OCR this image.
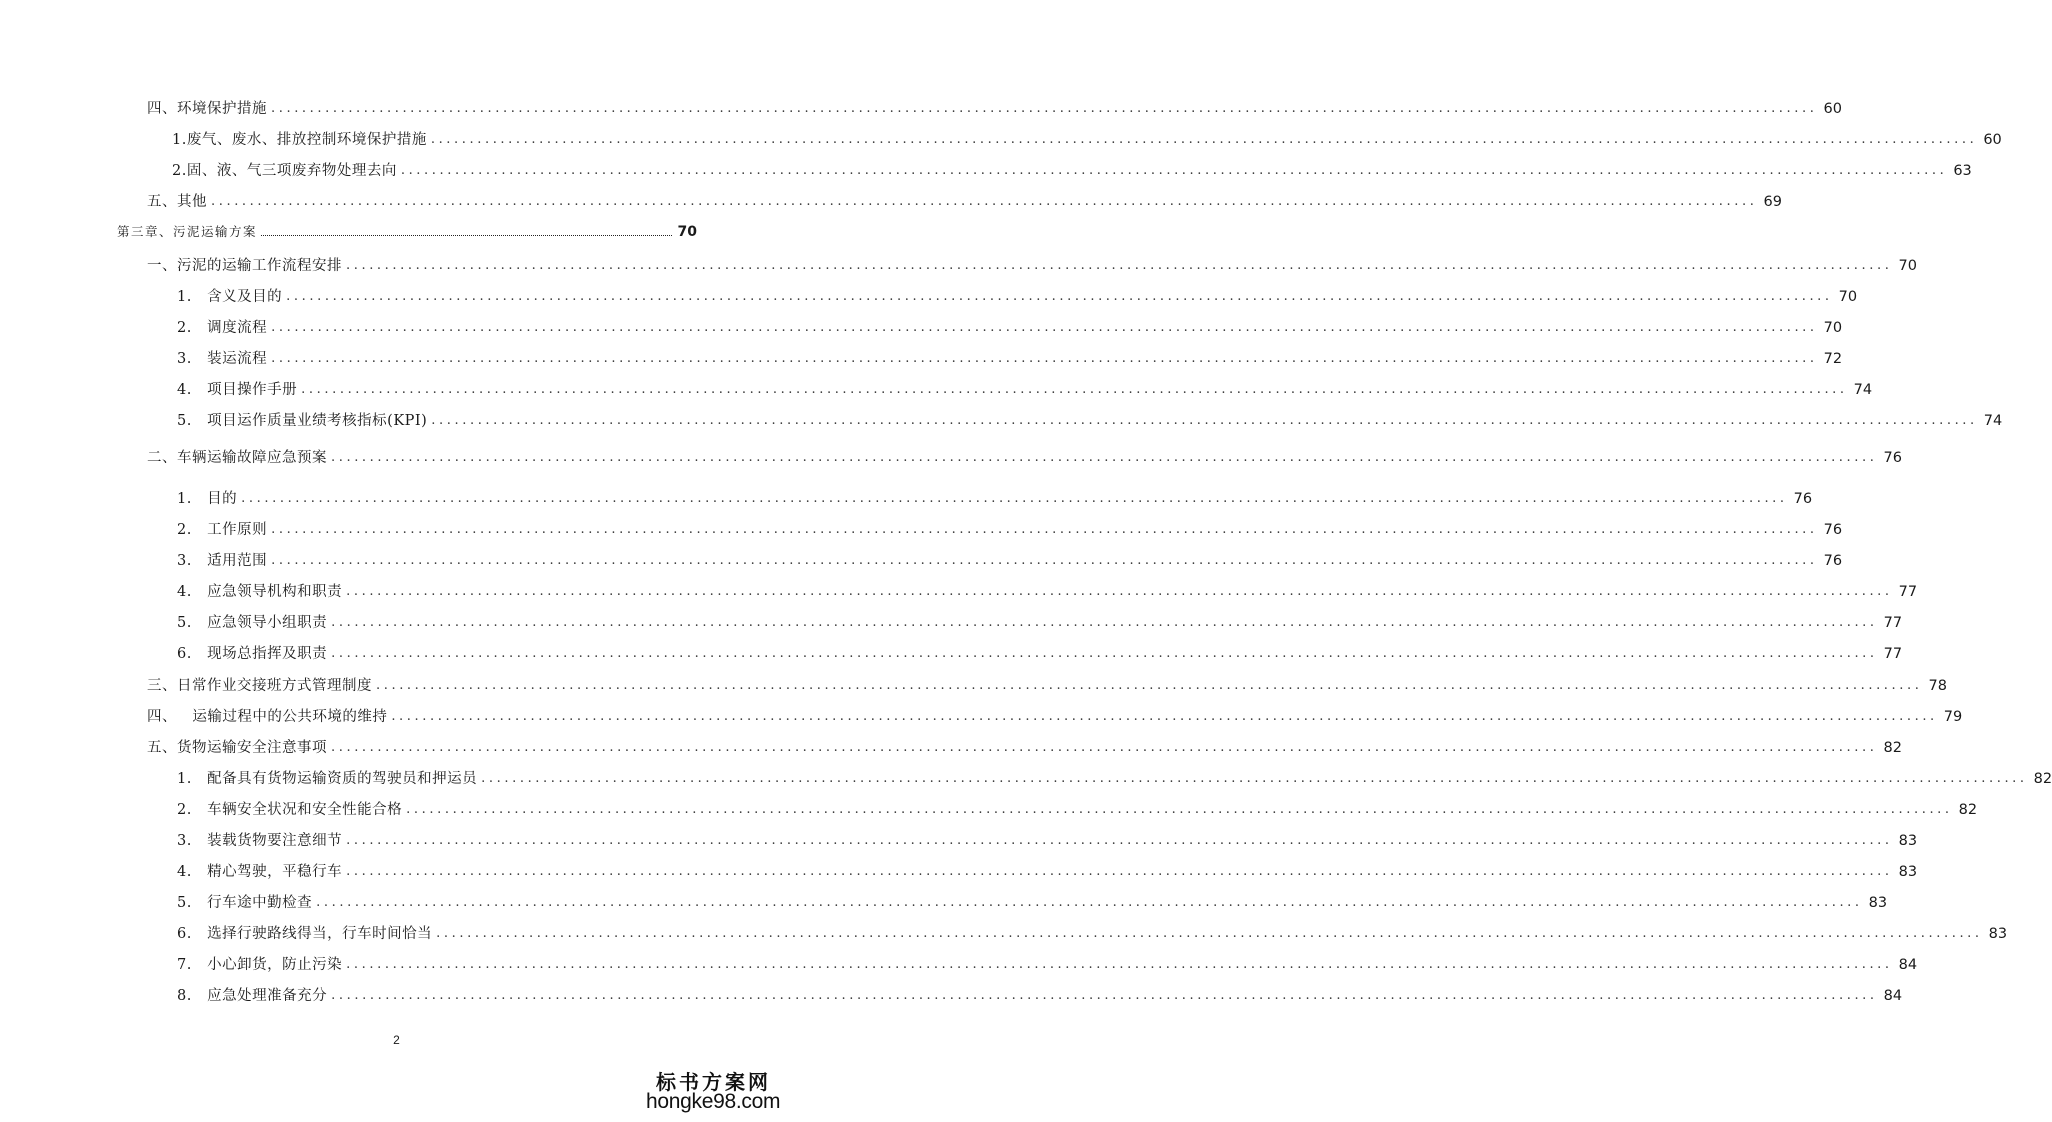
四、环境保护措施 ........................................................................................................................................................................................................ 60
1.废气、废水、排放控制环境保护措施 ........................................................................................................................................................................................................ 60
2.固、液、气三项废弃物处理去向 ........................................................................................................................................................................................................ 63
五、其他 ........................................................................................................................................................................................................ 69
第三章、污泥运输方案	70
一、污泥的运输工作流程安排 ........................................................................................................................................................................................................ 70
1.   含义及目的 ........................................................................................................................................................................................................ 70
2.   调度流程 ........................................................................................................................................................................................................ 70
3.   装运流程 ........................................................................................................................................................................................................ 72
4.   项目操作手册 ........................................................................................................................................................................................................ 74
5.   项目运作质量业绩考核指标(KPI) ........................................................................................................................................................................................................ 74
二、车辆运输故障应急预案 ........................................................................................................................................................................................................ 76
1.   目的 ........................................................................................................................................................................................................ 76
2.   工作原则 ........................................................................................................................................................................................................ 76
3.   适用范围 ........................................................................................................................................................................................................ 76
4.   应急领导机构和职责 ........................................................................................................................................................................................................ 77
5.   应急领导小组职责 ........................................................................................................................................................................................................ 77
6.   现场总指挥及职责 ........................................................................................................................................................................................................ 77
三、日常作业交接班方式管理制度 ........................................................................................................................................................................................................ 78
四、   运输过程中的公共环境的维持 ........................................................................................................................................................................................................ 79
五、货物运输安全注意事项 ........................................................................................................................................................................................................ 82
1.   配备具有货物运输资质的驾驶员和押运员 ........................................................................................................................................................................................................ 82
2.   车辆安全状况和安全性能合格 ........................................................................................................................................................................................................ 82
3.   装载货物要注意细节 ........................................................................................................................................................................................................ 83
4.   精心驾驶，平稳行车 ........................................................................................................................................................................................................ 83
5.   行车途中勤检查 ........................................................................................................................................................................................................ 83
6.   选择行驶路线得当，行车时间恰当 ........................................................................................................................................................................................................ 83
7.   小心卸货，防止污染 ........................................................................................................................................................................................................ 84
8.   应急处理准备充分 ........................................................................................................................................................................................................ 84
2
标书方案网
hongke98.com
